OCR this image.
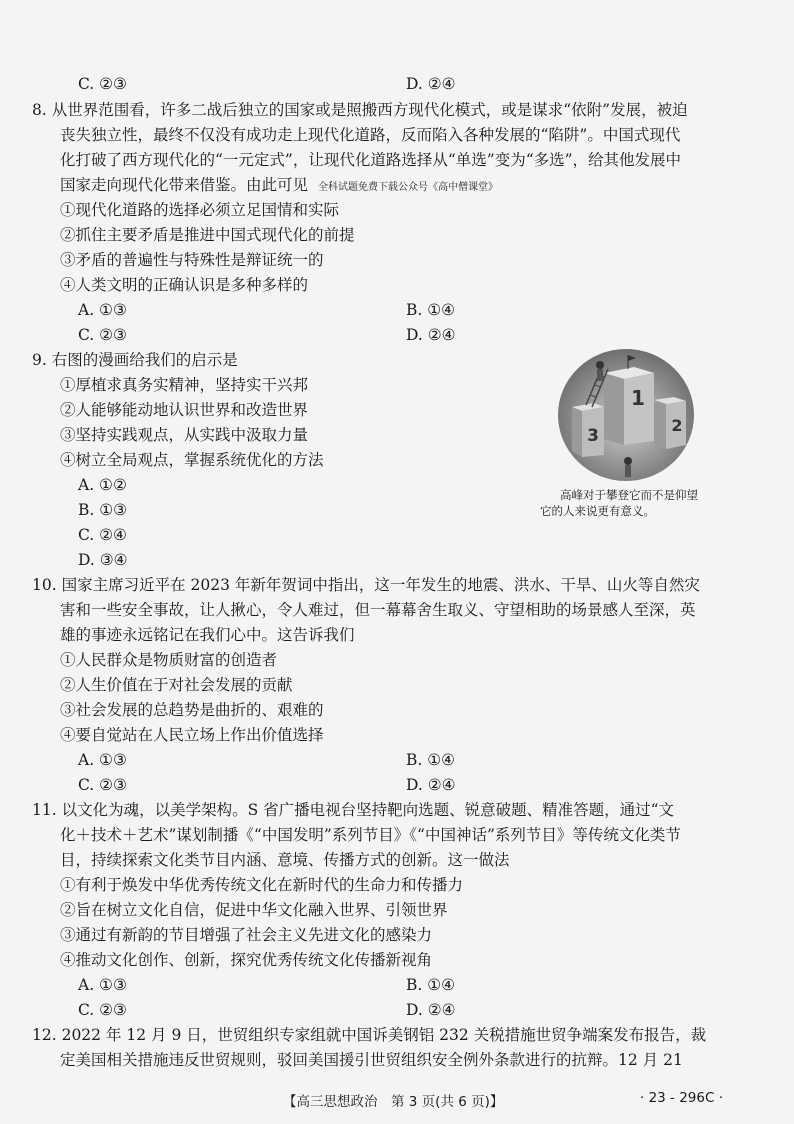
C. ②③	D. ②④
8. 从世界范围看，许多二战后独立的国家或是照搬西方现代化模式，或是谋求“依附”发展，被迫
丧失独立性，最终不仅没有成功走上现代化道路，反而陷入各种发展的“陷阱”。中国式现代
化打破了西方现代化的“一元定式”，让现代化道路选择从“单选”变为“多选”，给其他发展中
国家走向现代化带来借鉴。由此可见 全科试题免费下载公众号《高中僧课堂》
①现代化道路的选择必须立足国情和实际
②抓住主要矛盾是推进中国式现代化的前提
③矛盾的普遍性与特殊性是辩证统一的
④人类文明的正确认识是多种多样的
A. ①③	B. ①④
C. ②③	D. ②④
9. 右图的漫画给我们的启示是
①厚植求真务实精神，坚持实干兴邦
②人能够能动地认识世界和改造世界
③坚持实践观点，从实践中汲取力量
④树立全局观点，掌握系统优化的方法
A. ①②
B. ①③
C. ②④
D. ③④
1
2
3
高峰对于攀登它而不是仰望
它的人来说更有意义。
10. 国家主席习近平在 2023 年新年贺词中指出，这一年发生的地震、洪水、干旱、山火等自然灾
害和一些安全事故，让人揪心，令人难过，但一幕幕舍生取义、守望相助的场景感人至深，英
雄的事迹永远铭记在我们心中。这告诉我们
①人民群众是物质财富的创造者
②人生价值在于对社会发展的贡献
③社会发展的总趋势是曲折的、艰难的
④要自觉站在人民立场上作出价值选择
A. ①③	B. ①④
C. ②③	D. ②④
11. 以文化为魂，以美学架构。S 省广播电视台坚持靶向选题、锐意破题、精准答题，通过“文
化＋技术＋艺术”谋划制播《“中国发明”系列节目》《“中国神话”系列节目》等传统文化类节
目，持续探索文化类节目内涵、意境、传播方式的创新。这一做法
①有利于焕发中华优秀传统文化在新时代的生命力和传播力
②旨在树立文化自信，促进中华文化融入世界、引领世界
③通过有新韵的节目增强了社会主义先进文化的感染力
④推动文化创作、创新，探究优秀传统文化传播新视角
A. ①③	B. ①④
C. ②③	D. ②④
12. 2022 年 12 月 9 日，世贸组织专家组就中国诉美钢铝 232 关税措施世贸争端案发布报告，裁
定美国相关措施违反世贸规则，驳回美国援引世贸组织安全例外条款进行的抗辩。12 月 21
【高三思想政治　第 3 页(共 6 页)】	· 23 - 296C ·
